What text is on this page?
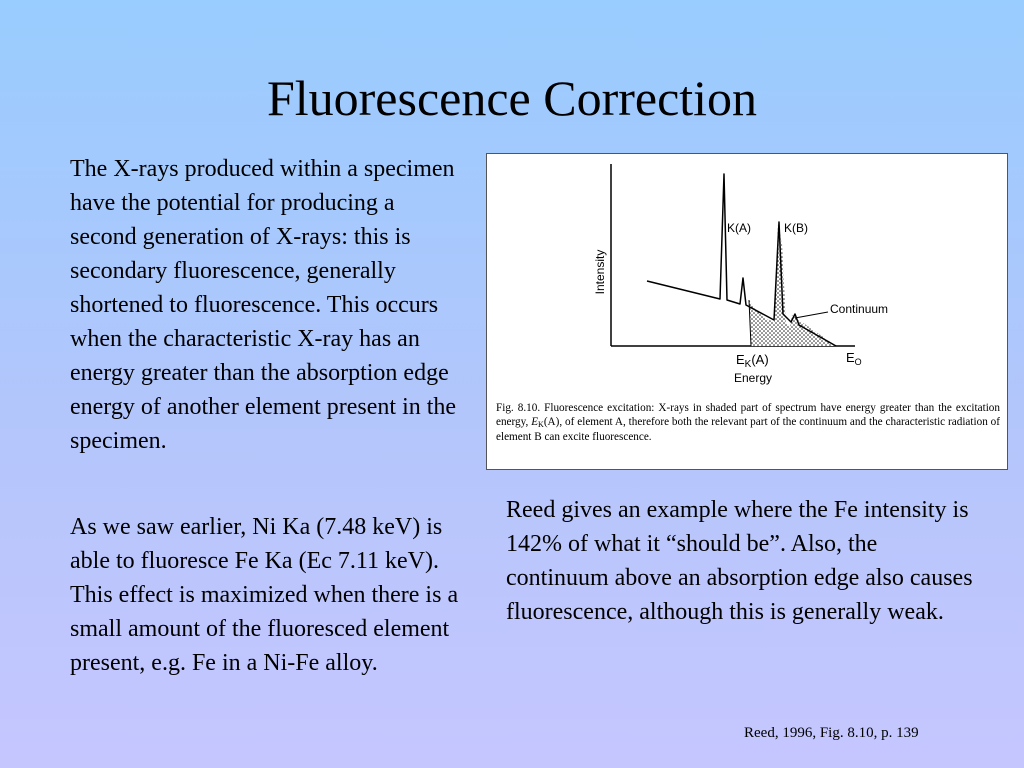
Fluorescence Correction

The X-rays produced within a specimen have the potential for producing a second generation of X-rays: this is secondary fluorescence, generally shortened to fluorescence. This occurs when the characteristic X-ray has an energy greater than the absorption edge energy of another element present in the specimen.

As we saw earlier, Ni Ka (7.48 keV) is able to fluoresce Fe Ka (Ec 7.11 keV). This effect is maximized when there is a small amount of the fluoresced element present, e.g. Fe in a Ni-Fe alloy.

Reed gives an example where the Fe intensity is 142% of what it “should be”. Also, the continuum above an absorption edge also causes fluorescence, although this is generally weak.

Intensity
K(A)	K(B)
Continuum
$E_K(A)$	$E_O$
Energy
Fig. 8.10. Fluorescence excitation: X-rays in shaded part of spectrum have energy greater than the excitation energy, $E_K(A)$, of element A, therefore both the relevant part of the continuum and the characteristic radiation of element B can excite fluorescence.
Reed, 1996, Fig. 8.10, p. 139
